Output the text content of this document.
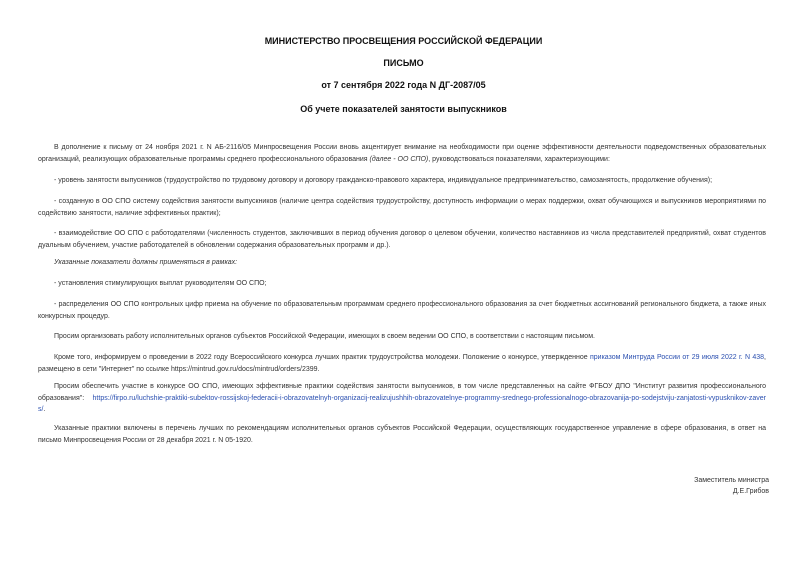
МИНИСТЕРСТВО ПРОСВЕЩЕНИЯ РОССИЙСКОЙ ФЕДЕРАЦИИ
ПИСЬМО
от 7 сентября 2022 года N ДГ-2087/05
Об учете показателей занятости выпускников
В дополнение к письму от 24 ноября 2021 г. N АБ-2116/05 Минпросвещения России вновь акцентирует внимание на необходимости при оценке эффективности деятельности подведомственных образовательных организаций, реализующих образовательные программы среднего профессионального образования (далее - ОО СПО), руководствоваться показателями, характеризующими:
- уровень занятости выпускников (трудоустройство по трудовому договору и договору гражданско-правового характера, индивидуальное предпринимательство, самозанятость, продолжение обучения);
- созданную в ОО СПО систему содействия занятости выпускников (наличие центра содействия трудоустройству, доступность информации о мерах поддержки, охват обучающихся и выпускников мероприятиями по содействию занятости, наличие эффективных практик);
- взаимодействие ОО СПО с работодателями (численность студентов, заключивших в период обучения договор о целевом обучении, количество наставников из числа представителей предприятий, охват студентов дуальным обучением, участие работодателей в обновлении содержания образовательных программ и др.).
Указанные показатели должны применяться в рамках:
- установления стимулирующих выплат руководителям ОО СПО;
- распределения ОО СПО контрольных цифр приема на обучение по образовательным программам среднего профессионального образования за счет бюджетных ассигнований регионального бюджета, а также иных конкурсных процедур.
Просим организовать работу исполнительных органов субъектов Российской Федерации, имеющих в своем ведении ОО СПО, в соответствии с настоящим письмом.
Кроме того, информируем о проведении в 2022 году Всероссийского конкурса лучших практик трудоустройства молодежи. Положение о конкурсе, утвержденное приказом Минтруда России от 29 июля 2022 г. N 438, размещено в сети "Интернет" по ссылке https://mintrud.gov.ru/docs/mintrud/orders/2399.
Просим обеспечить участие в конкурсе ОО СПО, имеющих эффективные практики содействия занятости выпускников, в том числе представленных на сайте ФГБОУ ДПО "Институт развития профессионального образования": https://firpo.ru/luchshie-praktiki-subektov-rossijskoj-federacii-i-obrazovatelnyh-organizacij-realizujushhih-obrazovatelnye-programmy-srednego-professionalnogo-obrazovanija-po-sodejstviju-zanjatosti-vypusknikov-zavers/.
Указанные практики включены в перечень лучших по рекомендациям исполнительных органов субъектов Российской Федерации, осуществляющих государственное управление в сфере образования, в ответ на письмо Минпросвещения России от 28 декабря 2021 г. N 05-1920.
Заместитель министра
Д.Е.Грибов
